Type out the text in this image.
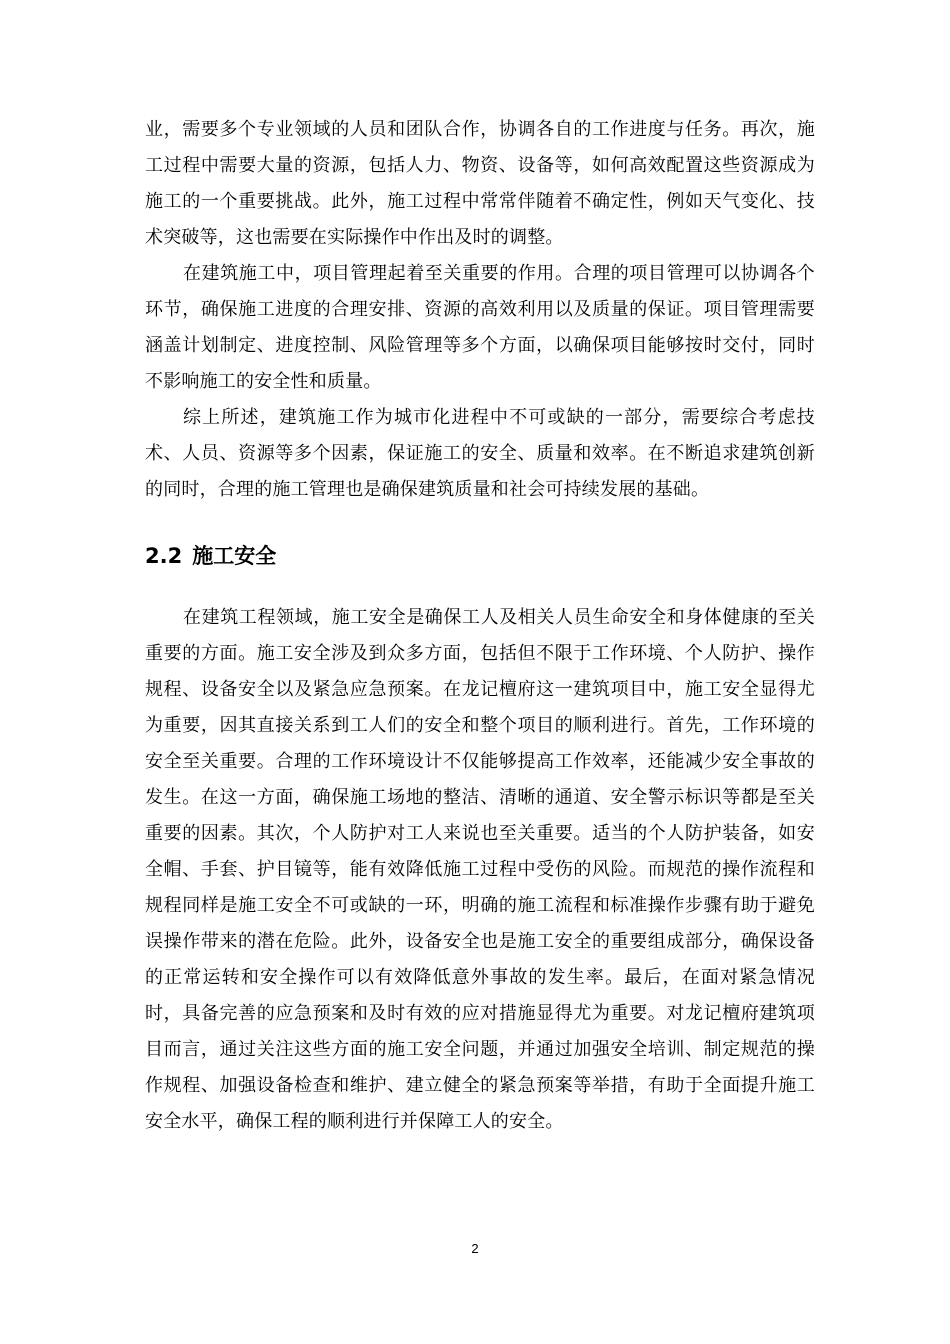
业，需要多个专业领域的人员和团队合作，协调各自的工作进度与任务。再次，施工过程中需要大量的资源，包括人力、物资、设备等，如何高效配置这些资源成为施工的一个重要挑战。此外，施工过程中常常伴随着不确定性，例如天气变化、技术突破等，这也需要在实际操作中作出及时的调整。

在建筑施工中，项目管理起着至关重要的作用。合理的项目管理可以协调各个环节，确保施工进度的合理安排、资源的高效利用以及质量的保证。项目管理需要涵盖计划制定、进度控制、风险管理等多个方面，以确保项目能够按时交付，同时不影响施工的安全性和质量。

综上所述，建筑施工作为城市化进程中不可或缺的一部分，需要综合考虑技术、人员、资源等多个因素，保证施工的安全、质量和效率。在不断追求建筑创新的同时，合理的施工管理也是确保建筑质量和社会可持续发展的基础。

2.2 施工安全

在建筑工程领域，施工安全是确保工人及相关人员生命安全和身体健康的至关重要的方面。施工安全涉及到众多方面，包括但不限于工作环境、个人防护、操作规程、设备安全以及紧急应急预案。在龙记檀府这一建筑项目中，施工安全显得尤为重要，因其直接关系到工人们的安全和整个项目的顺利进行。首先，工作环境的安全至关重要。合理的工作环境设计不仅能够提高工作效率，还能减少安全事故的发生。在这一方面，确保施工场地的整洁、清晰的通道、安全警示标识等都是至关重要的因素。其次，个人防护对工人来说也至关重要。适当的个人防护装备，如安全帽、手套、护目镜等，能有效降低施工过程中受伤的风险。而规范的操作流程和规程同样是施工安全不可或缺的一环，明确的施工流程和标准操作步骤有助于避免误操作带来的潜在危险。此外，设备安全也是施工安全的重要组成部分，确保设备的正常运转和安全操作可以有效降低意外事故的发生率。最后，在面对紧急情况时，具备完善的应急预案和及时有效的应对措施显得尤为重要。对龙记檀府建筑项目而言，通过关注这些方面的施工安全问题，并通过加强安全培训、制定规范的操作规程、加强设备检查和维护、建立健全的紧急预案等举措，有助于全面提升施工安全水平，确保工程的顺利进行并保障工人的安全。

2
